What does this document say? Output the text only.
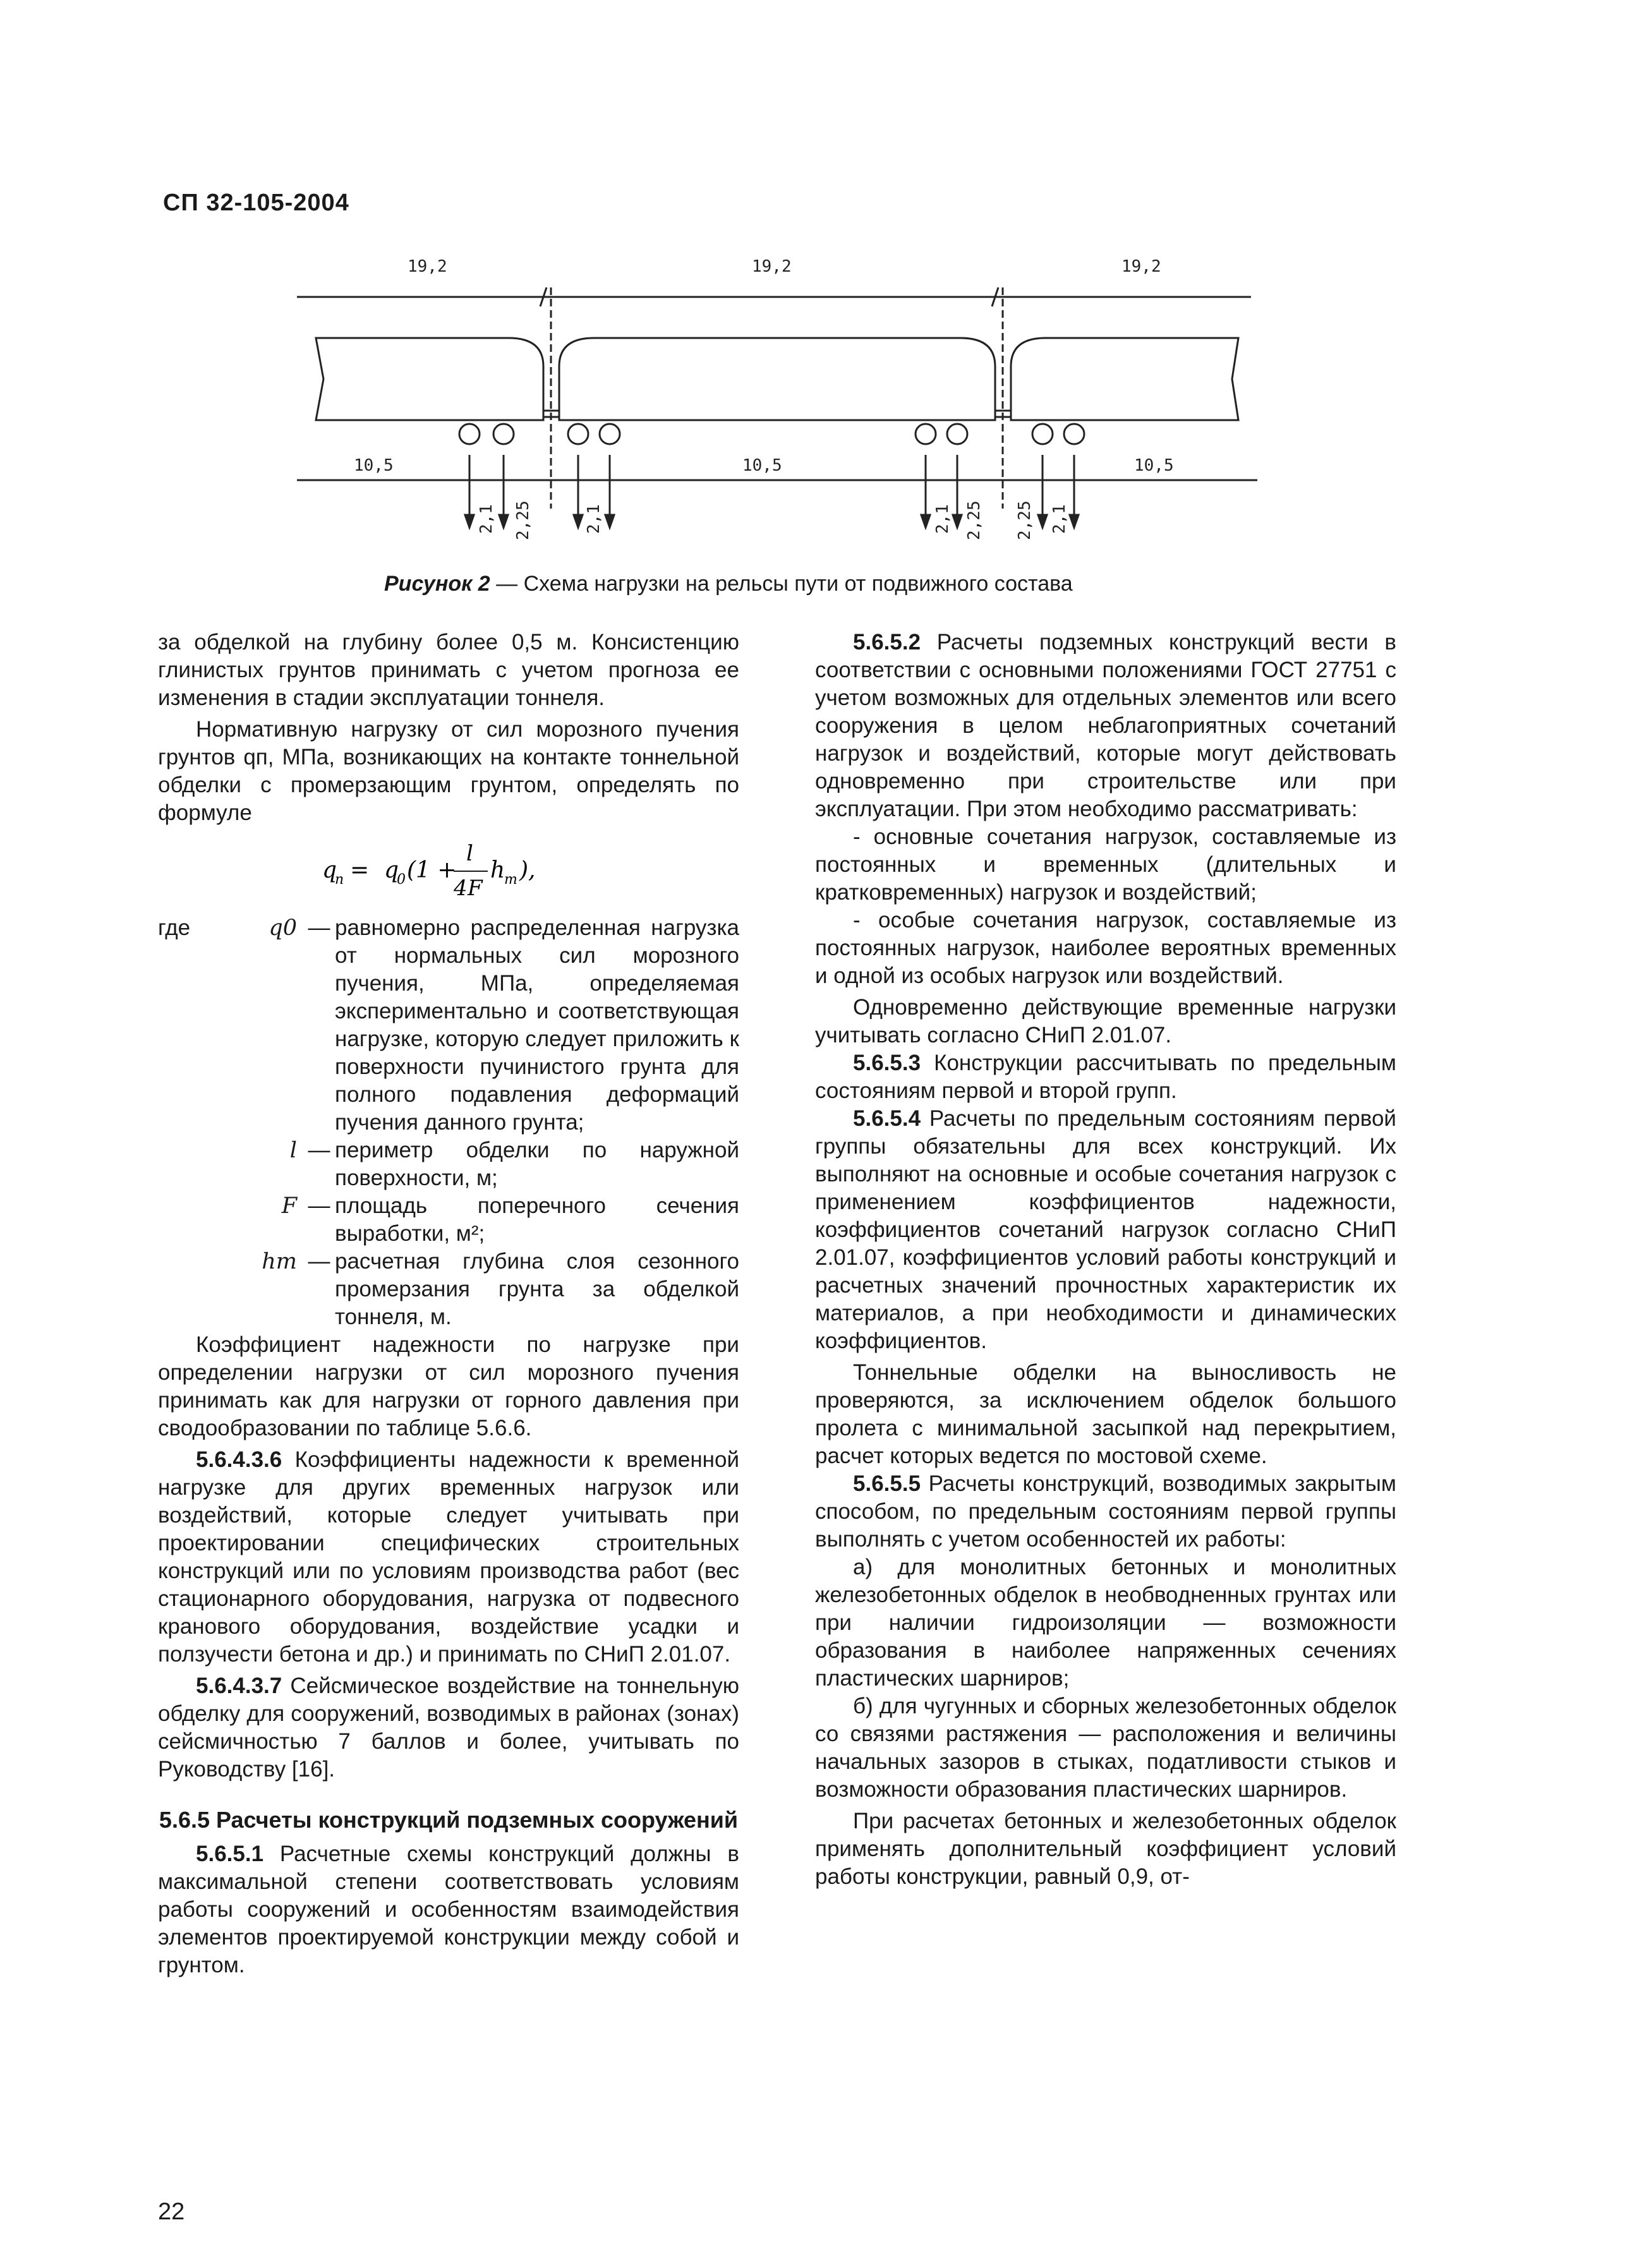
СП 32-105-2004
19,2	19,2	19,2
10,5	10,5	10,5
2,1 2,25	2,1	2,1 2,25 2,25 2,1
Рисунок 2 — Схема нагрузки на рельсы пути от подвижного состава

за обделкой на глубину более 0,5 м. Консистенцию глинистых грунтов принимать с учетом прогноза ее изменения в стадии эксплуатации тоннеля.

Нормативную нагрузку от сил морозного пучения грунтов qп, МПа, возникающих на контакте тоннельной обделки с промерзающим грунтом, определять по формуле

q
п = q
0 (1 +
l
4 F
h
m ),
где	q0 — равномерно распределенная нагрузка от нормальных сил морозного пучения, МПа, определяемая экспериментально и соответствующая нагрузке, которую следует приложить к поверхности пучинистого грунта для полного подавления деформаций пучения данного грунта;
l — периметр обделки по наружной поверхности, м;
F — площадь поперечного сечения выработки, м²;
hm — расчетная глубина слоя сезонного промерзания грунта за обделкой тоннеля, м.

Коэффициент надежности по нагрузке при определении нагрузки от сил морозного пучения принимать как для нагрузки от горного давления при сводообразовании по таблице 5.6.6.

5.6.4.3.6 Коэффициенты надежности к временной нагрузке для других временных нагрузок или воздействий, которые следует учитывать при проектировании специфических строительных конструкций или по условиям производства работ (вес стационарного оборудования, нагрузка от подвесного кранового оборудования, воздействие усадки и ползучести бетона и др.) и принимать по СНиП 2.01.07.

5.6.4.3.7 Сейсмическое воздействие на тоннельную обделку для сооружений, возводимых в районах (зонах) сейсмичностью 7 баллов и более, учитывать по Руководству [16].

5.6.5 Расчеты конструкций подземных сооружений

5.6.5.1 Расчетные схемы конструкций должны в максимальной степени соответствовать условиям работы сооружений и особенностям взаимодействия элементов проектируемой конструкции между собой и грунтом.

5.6.5.2 Расчеты подземных конструкций вести в соответствии с основными положениями ГОСТ 27751 с учетом возможных для отдельных элементов или всего сооружения в целом неблагоприятных сочетаний нагрузок и воздействий, которые могут действовать одновременно при строительстве или при эксплуатации. При этом необходимо рассматривать:

- основные сочетания нагрузок, составляемые из постоянных и временных (длительных и кратковременных) нагрузок и воздействий;

- особые сочетания нагрузок, составляемые из постоянных нагрузок, наиболее вероятных временных и одной из особых нагрузок или воздействий.

Одновременно действующие временные нагрузки учитывать согласно СНиП 2.01.07.

5.6.5.3 Конструкции рассчитывать по предельным состояниям первой и второй групп.

5.6.5.4 Расчеты по предельным состояниям первой группы обязательны для всех конструкций. Их выполняют на основные и особые сочетания нагрузок с применением коэффициентов надежности, коэффициентов сочетаний нагрузок согласно СНиП 2.01.07, коэффициентов условий работы конструкций и расчетных значений прочностных характеристик их материалов, а при необходимости и динамических коэффициентов.

Тоннельные обделки на выносливость не проверяются, за исключением обделок большого пролета с минимальной засыпкой над перекрытием, расчет которых ведется по мостовой схеме.

5.6.5.5 Расчеты конструкций, возводимых закрытым способом, по предельным состояниям первой группы выполнять с учетом особенностей их работы:

а) для монолитных бетонных и монолитных железобетонных обделок в необводненных грунтах или при наличии гидроизоляции — возможности образования в наиболее напряженных сечениях пластических шарниров;

б) для чугунных и сборных железобетонных обделок со связями растяжения — расположения и величины начальных зазоров в стыках, податливости стыков и возможности образования пластических шарниров.

При расчетах бетонных и железобетонных обделок применять дополнительный коэффициент условий работы конструкции, равный 0,9, от-

22
